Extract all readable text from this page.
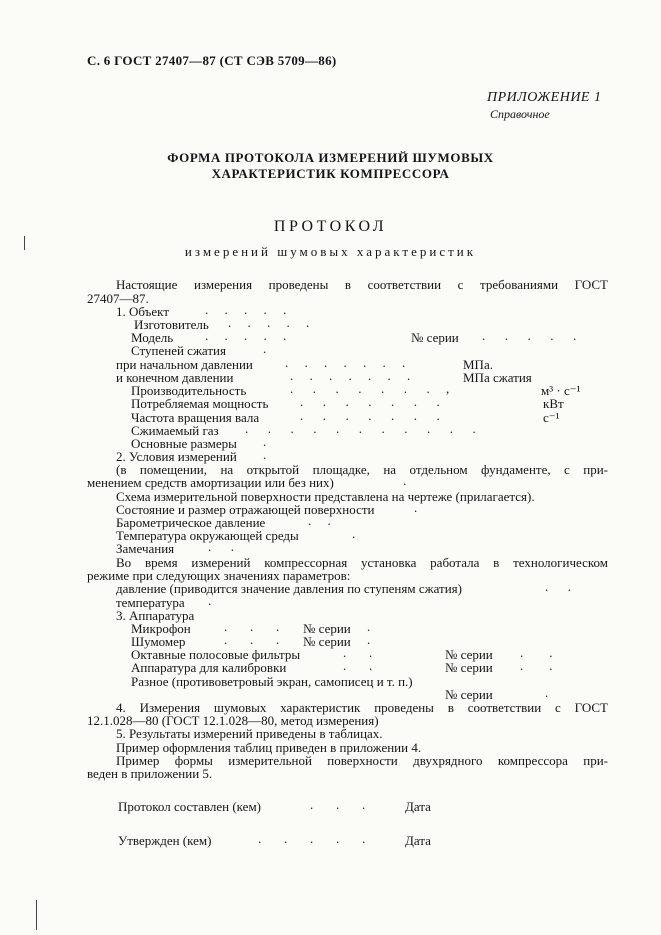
С. 6 ГОСТ 27407—87 (СТ СЭВ 5709—86)
ПРИЛОЖЕНИЕ 1
Справочное
ФОРМА ПРОТОКОЛА ИЗМЕРЕНИЙ ШУМОВЫХ
ХАРАКТЕРИСТИК КОМПРЕССОРА
ПРОТОКОЛ
измерений шумовых характеристик
Настоящие измерения проведены в соответствии с требованиями ГОСТ
27407—87.
1. Объект	.     .     .     .     .
Изготовитель .     .     .     .     .
Модель .     .     .     .     .	№ серии .      .      .      .      .
Ступеней сжатия	.
при начальном давлении .     .     .     .     .     .     .	МПа.
и конечном давлении	.     .     .     .     .     .     .	МПа сжатия
Производительность	.      .      .      .      .      .      .     ,	м³ · с⁻¹
Потребляемая мощность .      .      .      .      .      .      .	кВт
Частота вращения вала	.      .      .      .      .      .      .	с⁻¹
Сжимаемый газ .      .      .      .      .      .      .      .      .      .      .
Основные размеры .
2. Условия измерений .
(в помещении, на открытой площадке, на отдельном фундаменте, с при-
менением средств амортизации или без них)	.
Схема измерительной поверхности представлена на чертеже (прилагается).
Состояние и размер отражающей поверхности	.
Барометрическое давление	.     .
Температура окружающей среды	.
Замечания	.      .
Во время измерений компрессорная установка работала в технологическом
режиме при следующих значениях параметров:
давление (приводится значение давления по ступеням сжатия)	.      .
температура .
3. Аппаратура
Микрофон	.       .       . № серии .
Шумомер	.       .       . № серии .
Октавные полосовые фильтры	.       .	№ серии .        .
Аппаратура для калибровки	.       .	№ серии .        .
Разное (противоветровый экран, самописец и т. п.)
№ серии	.
4. Измерения шумовых характеристик проведены в соответствии с ГОСТ
12.1.028—80 (ГОСТ 12.1.028—80, метод измерения)
5. Результаты измерений приведены в таблицах.
Пример оформления таблиц приведен в приложении 4.
Пример формы измерительной поверхности двухрядного компрессора при-
веден в приложении 5.
Протокол составлен (кем)	.       .       .	Дата
Утвержден (кем)	.       .       .       .       .	Дата
